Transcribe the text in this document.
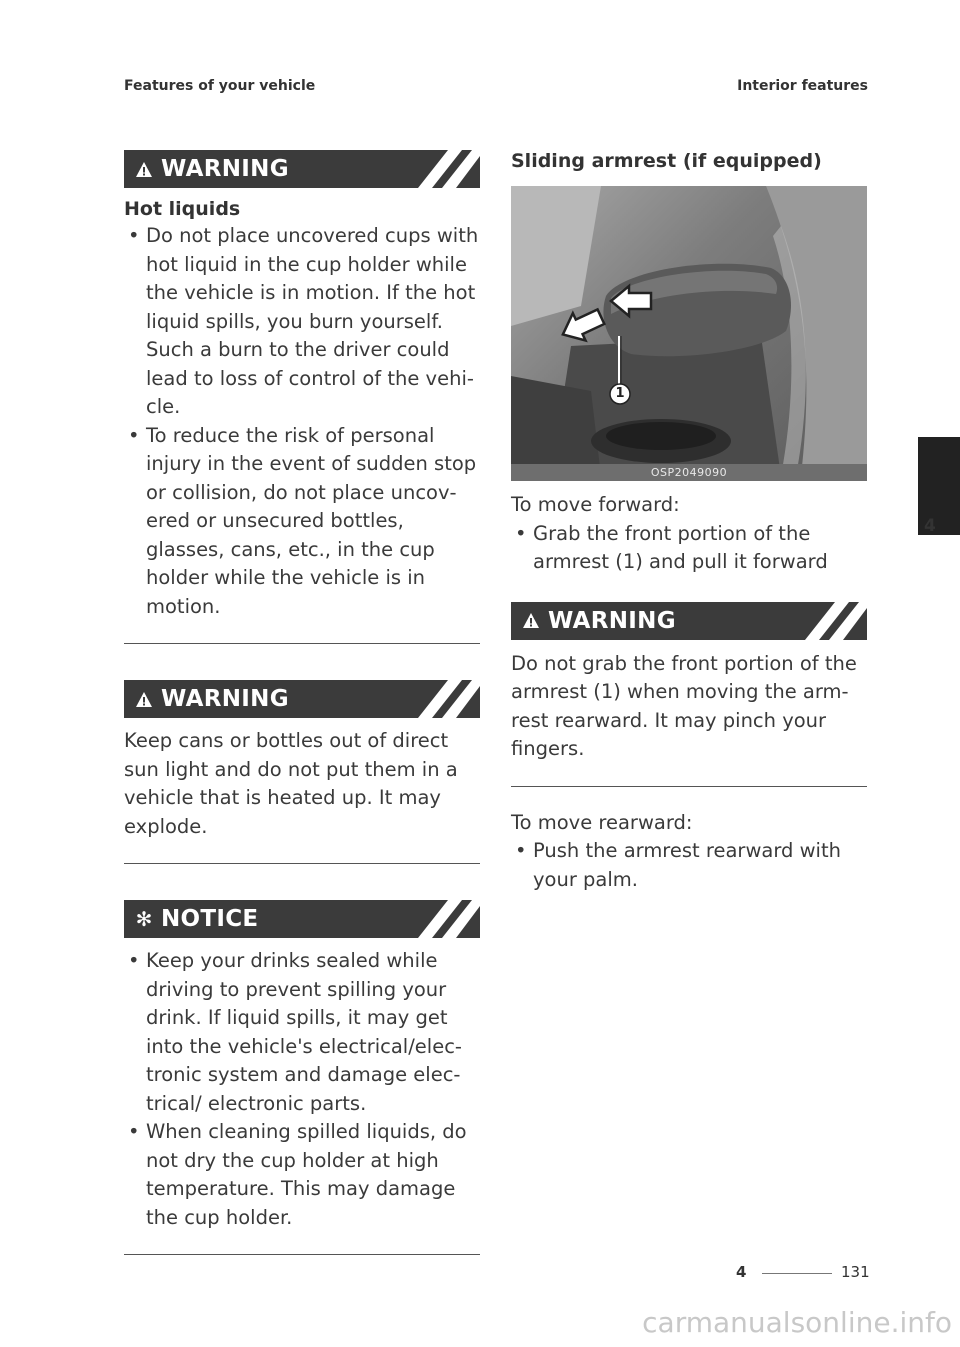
Features of your vehicle	Interior features
WARNING
Hot liquids
• Do not place uncovered cups with hot liquid in the cup holder while the vehicle is in motion. If the hot liquid spills, you burn yourself. Such a burn to the driver could lead to loss of control of the vehi‐ cle.
• To reduce the risk of personal injury in the event of sudden stop or collision, do not place uncov‐ ered or unsecured bottles, glasses, cans, etc., in the cup holder while the vehicle is in motion.
WARNING

Keep cans or bottles out of direct sun light and do not put them in a vehicle that is heated up. It may explode.

✻ NOTICE
• Keep your drinks sealed while driving to prevent spilling your drink. If liquid spills, it may get into the vehicle's electrical/elec‐ tronic system and damage elec‐ trical/ electronic parts.
• When cleaning spilled liquids, do not dry the cup holder at high temperature. This may damage the cup holder.
Sliding armrest (if equipped)
1
OSP2049090

To move forward:

• Grab the front portion of the armrest (1) and pull it forward
WARNING

Do not grab the front portion of the armrest (1) when moving the arm‐ rest rearward. It may pinch your fingers.

To move rearward:

• Push the armrest rearward with your palm.
4
4	131
carmanualsonline.info
